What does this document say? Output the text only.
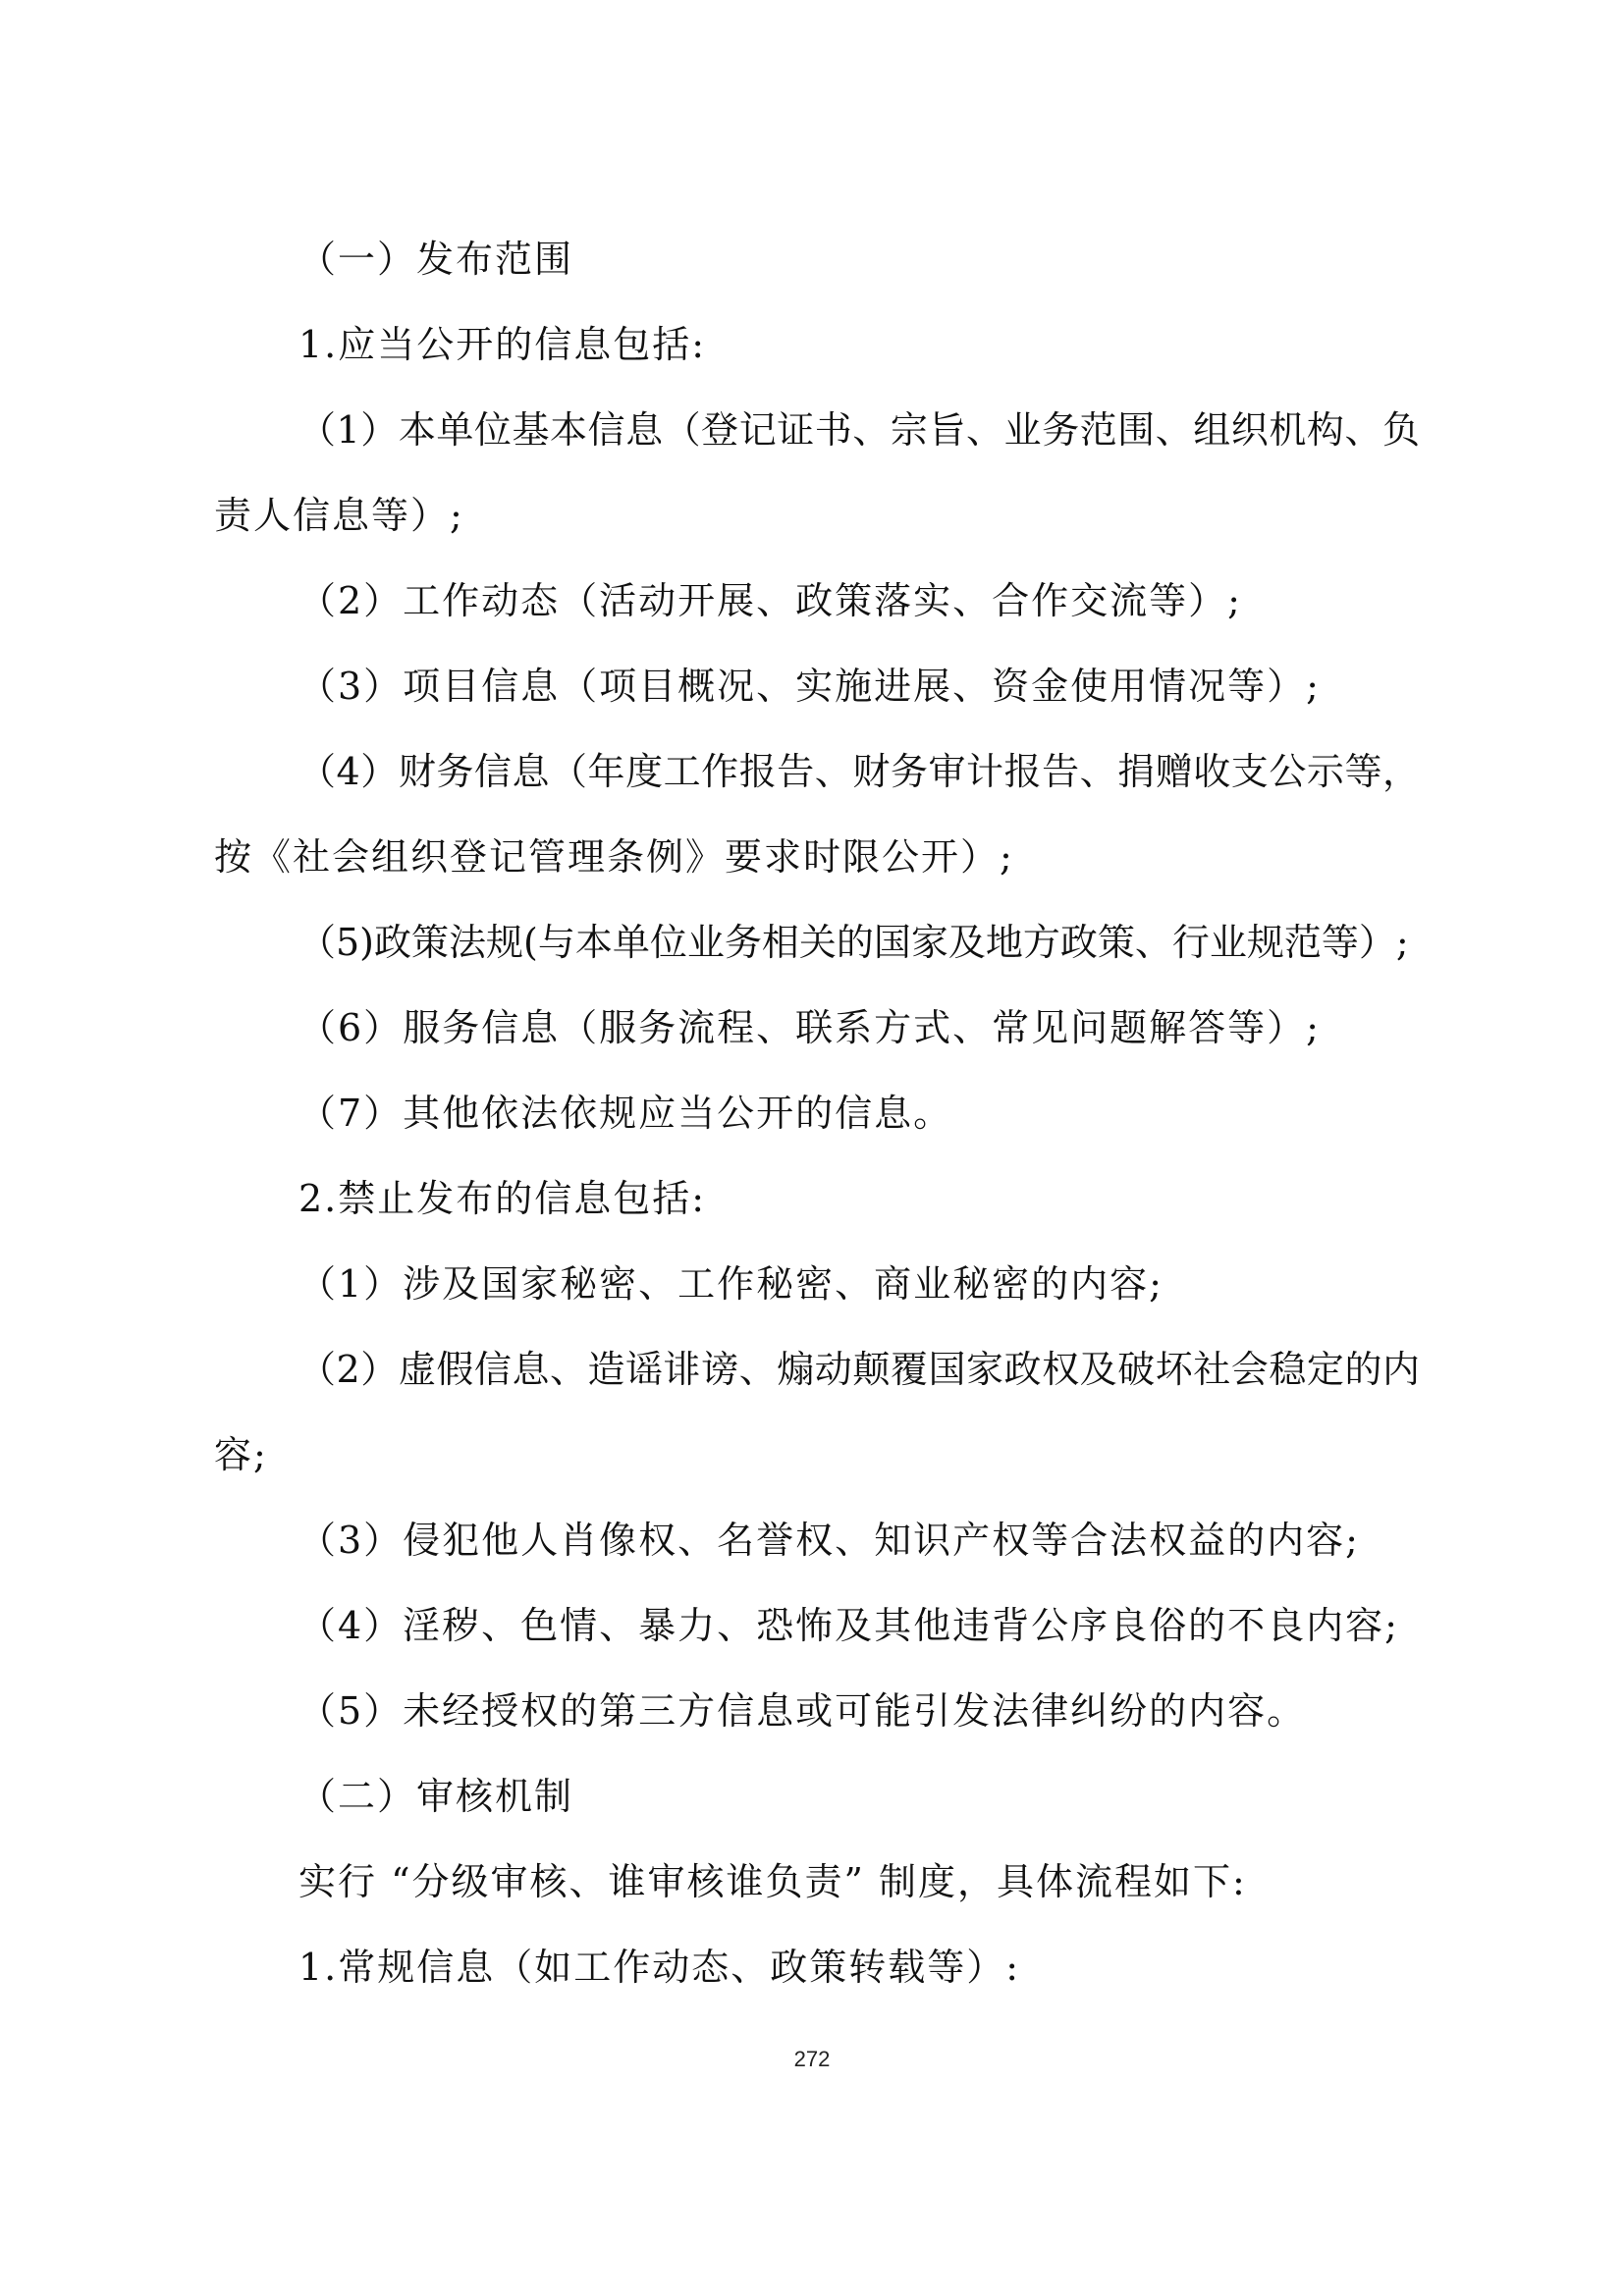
（一）发布范围
1.应当公开的信息包括:
（1）本单位基本信息（登记证书、宗旨、业务范围、组织机构、负
责人信息等）;
（2）工作动态（活动开展、政策落实、合作交流等）;
（3）项目信息（项目概况、实施进展、资金使用情况等）;
（4）财务信息（年度工作报告、财务审计报告、捐赠收支公示等，
按《社会组织登记管理条例》要求时限公开）;
（5)政策法规(与本单位业务相关的国家及地方政策、行业规范等）;
（6）服务信息（服务流程、联系方式、常见问题解答等）;
（7）其他依法依规应当公开的信息。
2.禁止发布的信息包括:
（1）涉及国家秘密、工作秘密、商业秘密的内容;
（2）虚假信息、造谣诽谤、煽动颠覆国家政权及破坏社会稳定的内
容;
（3）侵犯他人肖像权、名誉权、知识产权等合法权益的内容;
（4）淫秽、色情、暴力、恐怖及其他违背公序良俗的不良内容;
（5）未经授权的第三方信息或可能引发法律纠纷的内容。
（二）审核机制
实行 “分级审核、谁审核谁负责” 制度，具体流程如下:
1.常规信息（如工作动态、政策转载等）:
272
